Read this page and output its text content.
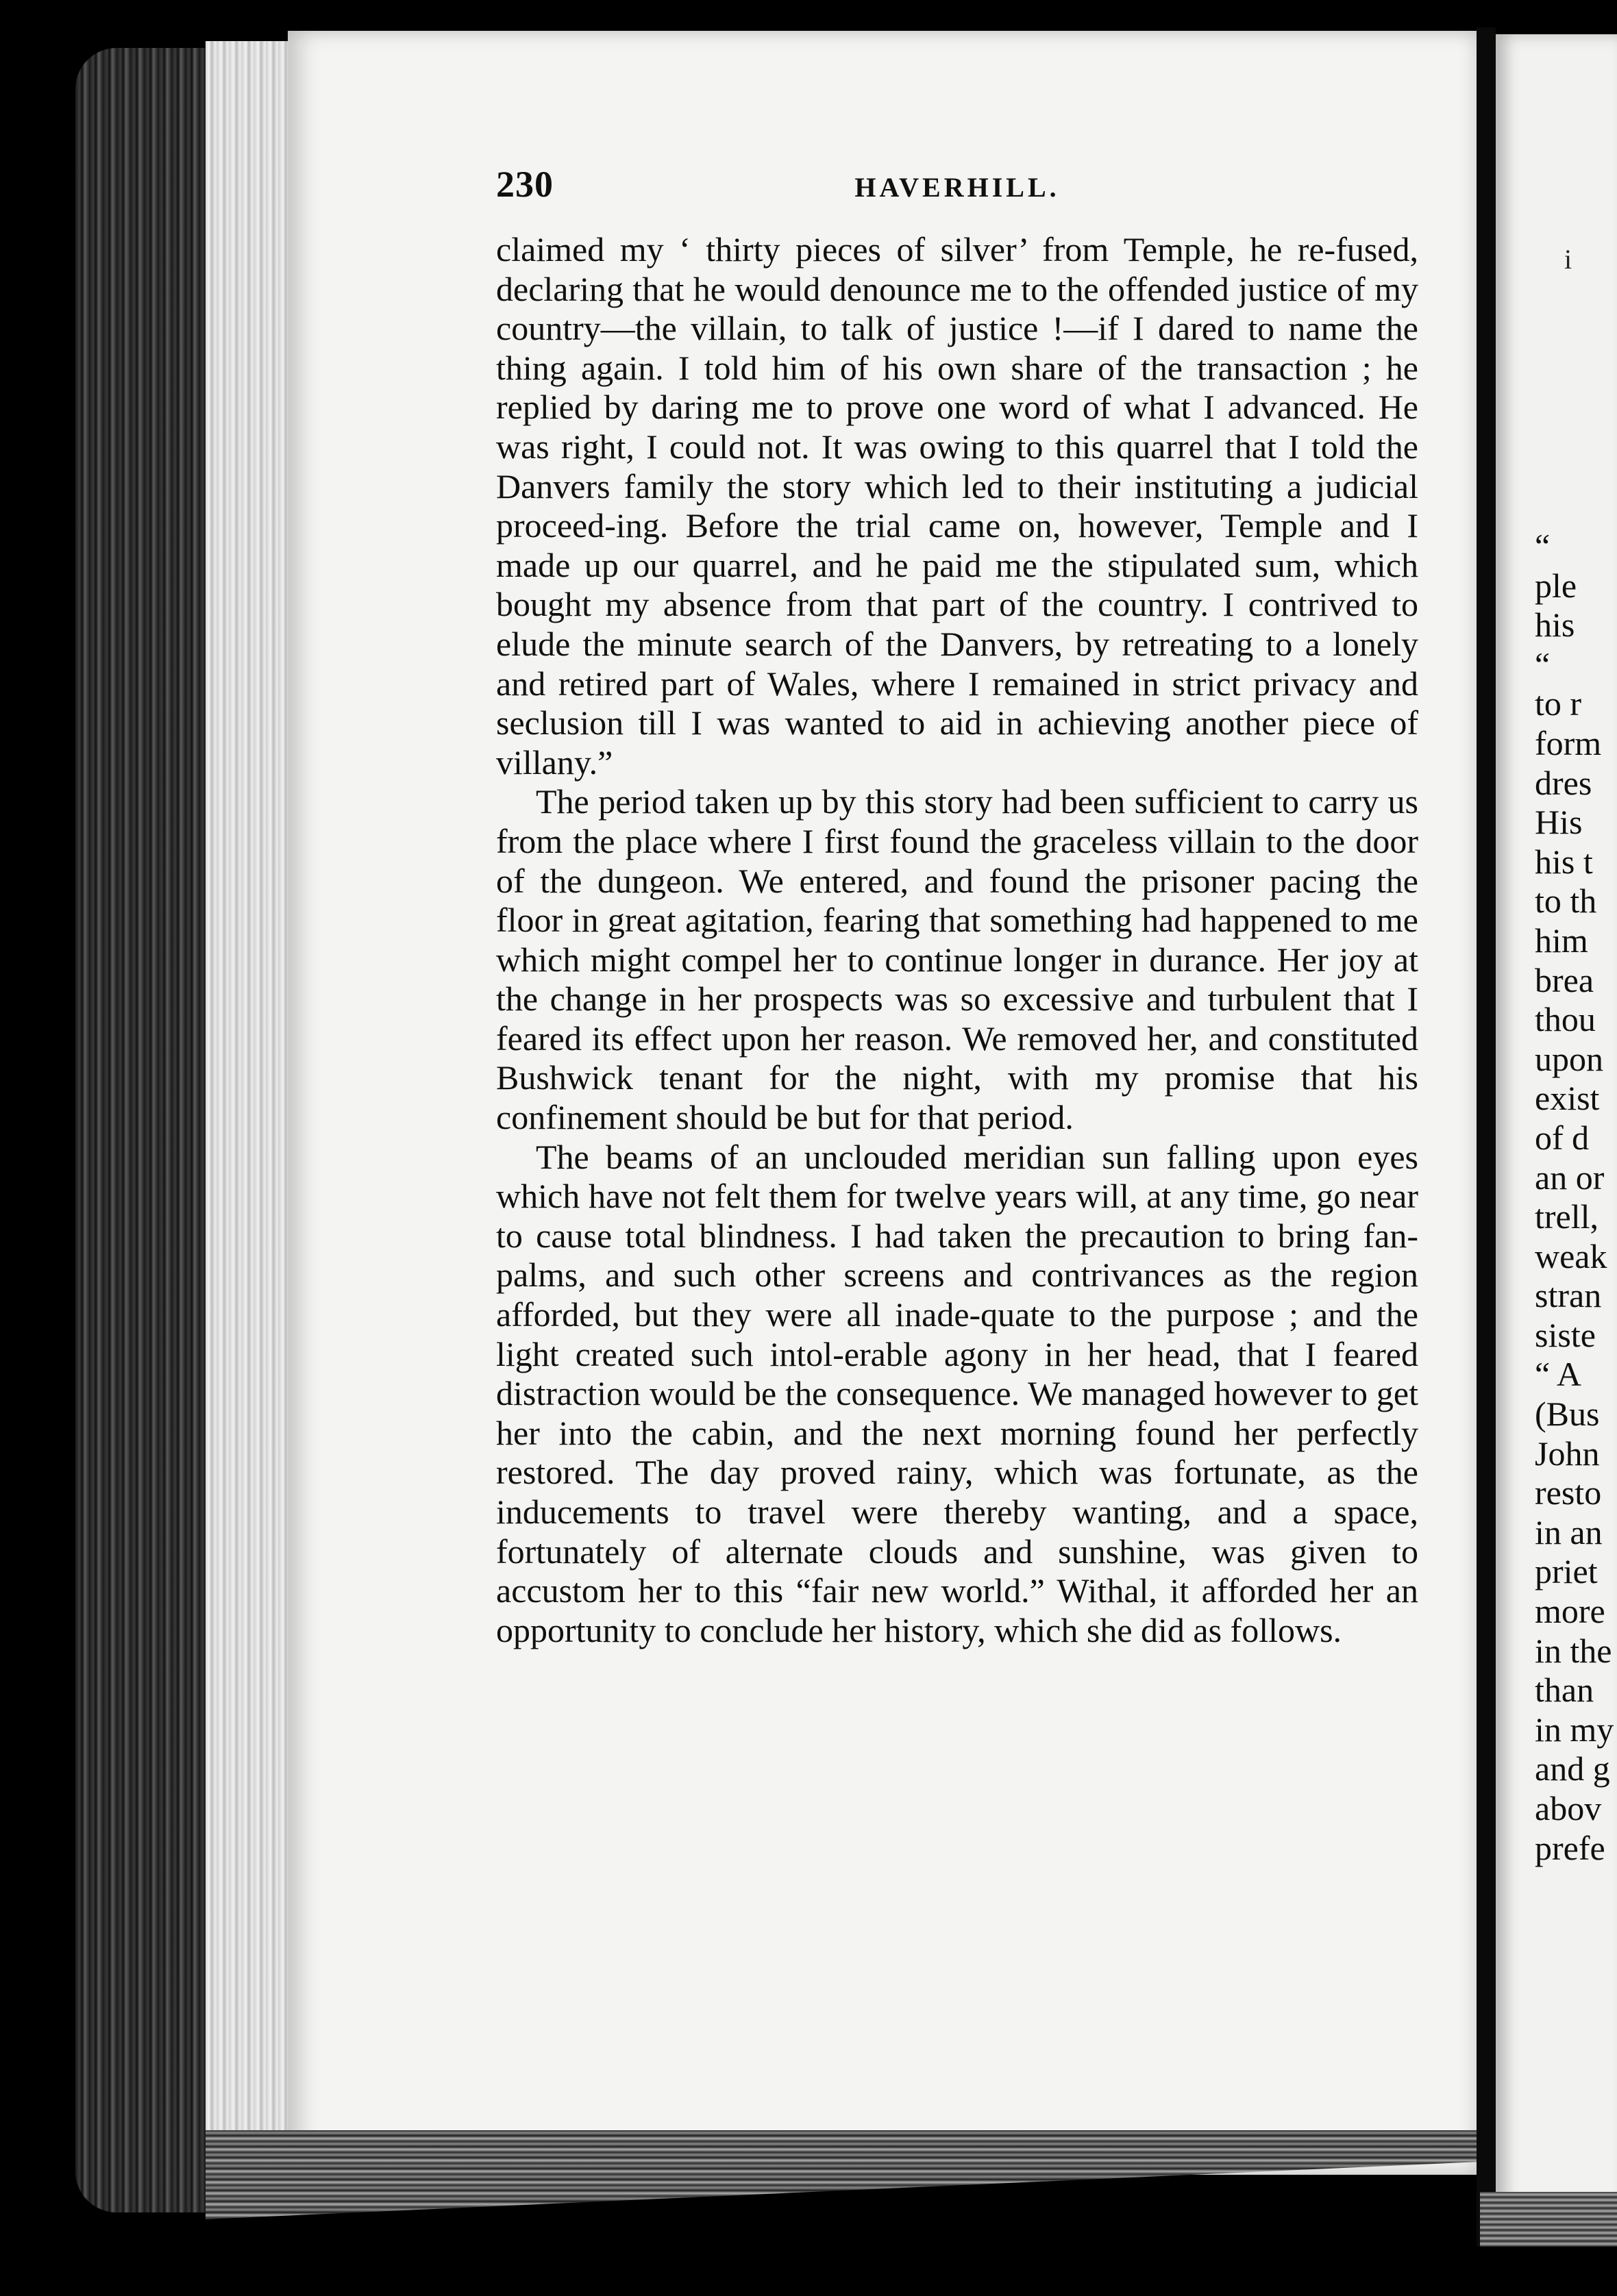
230	HAVERHILL.

claimed my ‘ thirty pieces of silver’ from Temple, he re-fused, declaring that he would denounce me to the offended justice of my country—the villain, to talk of justice !—if I dared to name the thing again. I told him of his own share of the transaction ; he replied by daring me to prove one word of what I advanced. He was right, I could not. It was owing to this quarrel that I told the Danvers family the story which led to their instituting a judicial proceed-ing. Before the trial came on, however, Temple and I made up our quarrel, and he paid me the stipulated sum, which bought my absence from that part of the country. I contrived to elude the minute search of the Danvers, by retreating to a lonely and retired part of Wales, where I remained in strict privacy and seclusion till I was wanted to aid in achieving another piece of villany.”

The period taken up by this story had been sufficient to carry us from the place where I first found the graceless villain to the door of the dungeon. We entered, and found the prisoner pacing the floor in great agitation, fearing that something had happened to me which might compel her to continue longer in durance. Her joy at the change in her prospects was so excessive and turbulent that I feared its effect upon her reason. We removed her, and constituted Bushwick tenant for the night, with my promise that his confinement should be but for that period.

The beams of an unclouded meridian sun falling upon eyes which have not felt them for twelve years will, at any time, go near to cause total blindness. I had taken the precaution to bring fan-palms, and such other screens and contrivances as the region afforded, but they were all inade-quate to the purpose ; and the light created such intol-erable agony in her head, that I feared distraction would be the consequence. We managed however to get her into the cabin, and the next morning found her perfectly restored. The day proved rainy, which was fortunate, as the inducements to travel were thereby wanting, and a space, fortunately of alternate clouds and sunshine, was given to accustom her to this “fair new world.” Withal, it afforded her an opportunity to conclude her history, which she did as follows.

i
“
ple
his
“
to r
form
dres
His
his t
to th
him
brea
thou
upon
exist
of d
an or
trell,
weak
stran
siste
“ A
(Bus
John
resto
in an
priet
more
in the
than
in my
and g
abov
prefe
